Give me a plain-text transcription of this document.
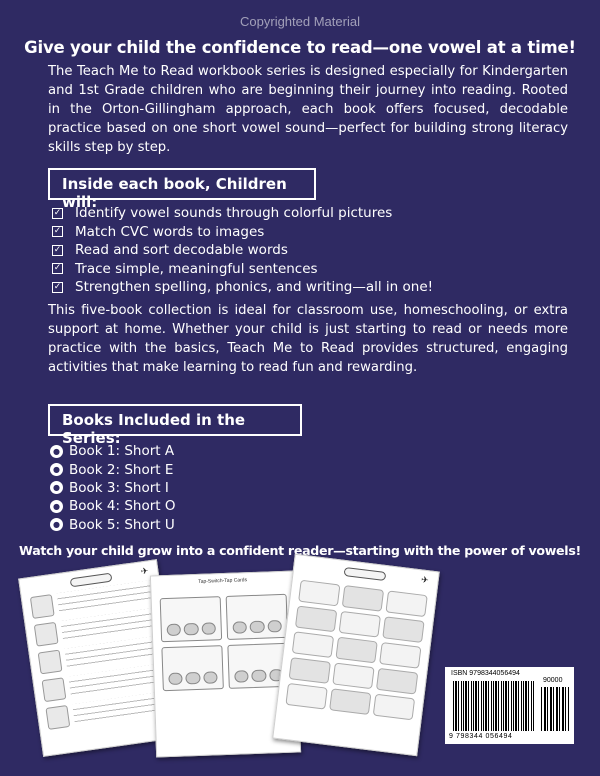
Copyrighted Material
Give your child the confidence to read—one vowel at a time!

The Teach Me to Read workbook series is designed especially for Kindergarten and 1st Grade children who are beginning their journey into reading. Rooted in the Orton-Gillingham approach, each book offers focused, decodable practice based on one short vowel sound—perfect for building strong literacy skills step by step.

Inside each book, Children will:
✓ Identify vowel sounds through colorful pictures
✓ Match CVC words to images
✓ Read and sort decodable words
✓ Trace simple, meaningful sentences
✓ Strengthen spelling, phonics, and writing—all in one!

This five-book collection is ideal for classroom use, homeschooling, or extra support at home. Whether your child is just starting to read or needs more practice with the basics, Teach Me to Read provides structured, engaging activities that make learning to read fun and rewarding.

Books Included in the Series:
● Book 1: Short A
● Book 2: Short E
● Book 3: Short I
● Book 4: Short O
● Book 5: Short U
Watch your child grow into a confident reader—starting with the power of vowels!
✈
Tap-Switch-Tap Cards	✈
ISBN 9798344056494
90000
9 798344 056494
